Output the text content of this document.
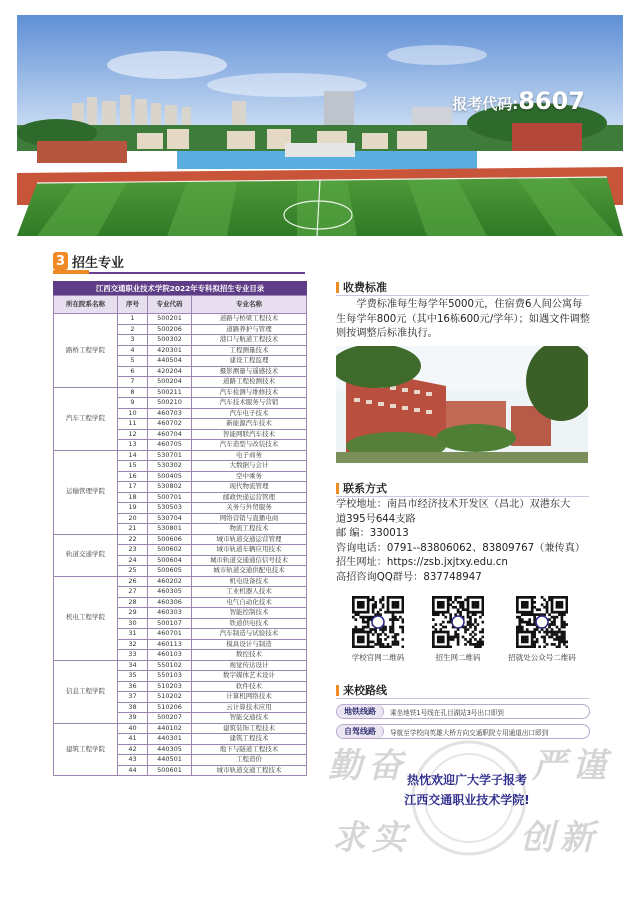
报考代码:8607
3 招生专业
江西交通职业技术学院2022年专科拟招生专业目录
所在院系名称	序号	专业代码	专业名称
路桥工程学院	1	500201	道路与桥梁工程技术
	2	500206	道路养护与管理
	3	500302	港口与航道工程技术
	4	420301	工程测量技术
	5	440504	建设工程监理
	6	420204	摄影测量与遥感技术
	7	500204	道路工程检测技术
汽车工程学院	8	500211	汽车检测与维修技术
	9	500210	汽车技术服务与营销
	10	460703	汽车电子技术
	11	460702	新能源汽车技术
	12	460704	智能网联汽车技术
	13	460705	汽车造型与改装技术
运输管理学院	14	530701	电子商务
	15	530302	大数据与会计
	16	500405	空中乘务
	17	530802	现代物流管理
	18	500701	邮政快递运营管理
	19	530503	关务与外贸服务
	20	530704	网络营销与直播电商
	21	530801	物流工程技术
轨道交通学院	22	500606	城市轨道交通运营管理
	23	500602	城市轨道车辆应用技术
	24	500604	城市轨道交通通信信号技术
	25	500605	城市轨道交通供配电技术
机电工程学院	26	460202	机电设备技术
	27	460305	工业机器人技术
	28	460306	电气自动化技术
	29	460303	智能控制技术
	30	500107	铁道供电技术
	31	460701	汽车制造与试验技术
	32	460113	模具设计与制造
	33	460103	数控技术
信息工程学院	34	550102	视觉传达设计
	35	550103	数字媒体艺术设计
	36	510203	软件技术
	37	510202	计算机网络技术
	38	510206	云计算技术应用
	39	500207	智能交通技术
建筑工程学院	40	440102	建筑装饰工程技术
	41	440301	建筑工程技术
	42	440305	地下与隧道工程技术
	43	440501	工程造价
	44	500601	城市轨道交通工程技术
收费标准
学费标准每生每学年5000元，住宿费6人间公寓每生每学年800元（其中16栋600元/学年）；如遇文件调整则按调整后标准执行。
联系方式
学校地址：南昌市经济技术开发区（昌北）双港东大
道395号644支路
邮 编：330013
咨询电话：0791--83806062、83809767（兼传真）
招生网址：https://zsb.jxjtxy.edu.cn
高招咨询QQ群号：837748947
学校官网二维码	招生网二维码	招就处公众号二维码
来校路线
地铁线路	乘坐地铁1号线在孔目湖站3号出口即到
自驾线路	导航至学校向英雄大桥方向交通职院专用通道出口即到
勤 奋	严 谨
求 实	创 新
热忱欢迎广大学子报考
江西交通职业技术学院!
